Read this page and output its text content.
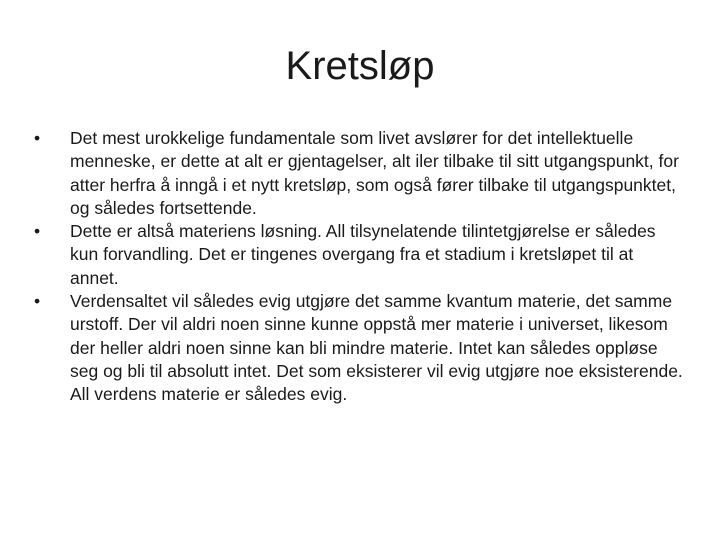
Kretsløp
•	Det mest urokkelige fundamentale som livet avslører for det intellektuelle menneske, er dette at alt er gjentagelser, alt iler tilbake til sitt utgangspunkt, for atter herfra å inngå i et nytt kretsløp, som også fører tilbake til utgangspunktet, og således fortsettende.
•	Dette er altså materiens løsning. All tilsynelatende tilintetgjørelse er således kun forvandling. Det er tingenes overgang fra et stadium i kretsløpet til at annet.
•	Verdensaltet vil således evig utgjøre det samme kvantum materie, det samme urstoff. Der vil aldri noen sinne kunne oppstå mer materie i universet, likesom der heller aldri noen sinne kan bli mindre materie. Intet kan således oppløse seg og bli til absolutt intet. Det som eksisterer vil evig utgjøre noe eksisterende. All verdens materie er således evig.
